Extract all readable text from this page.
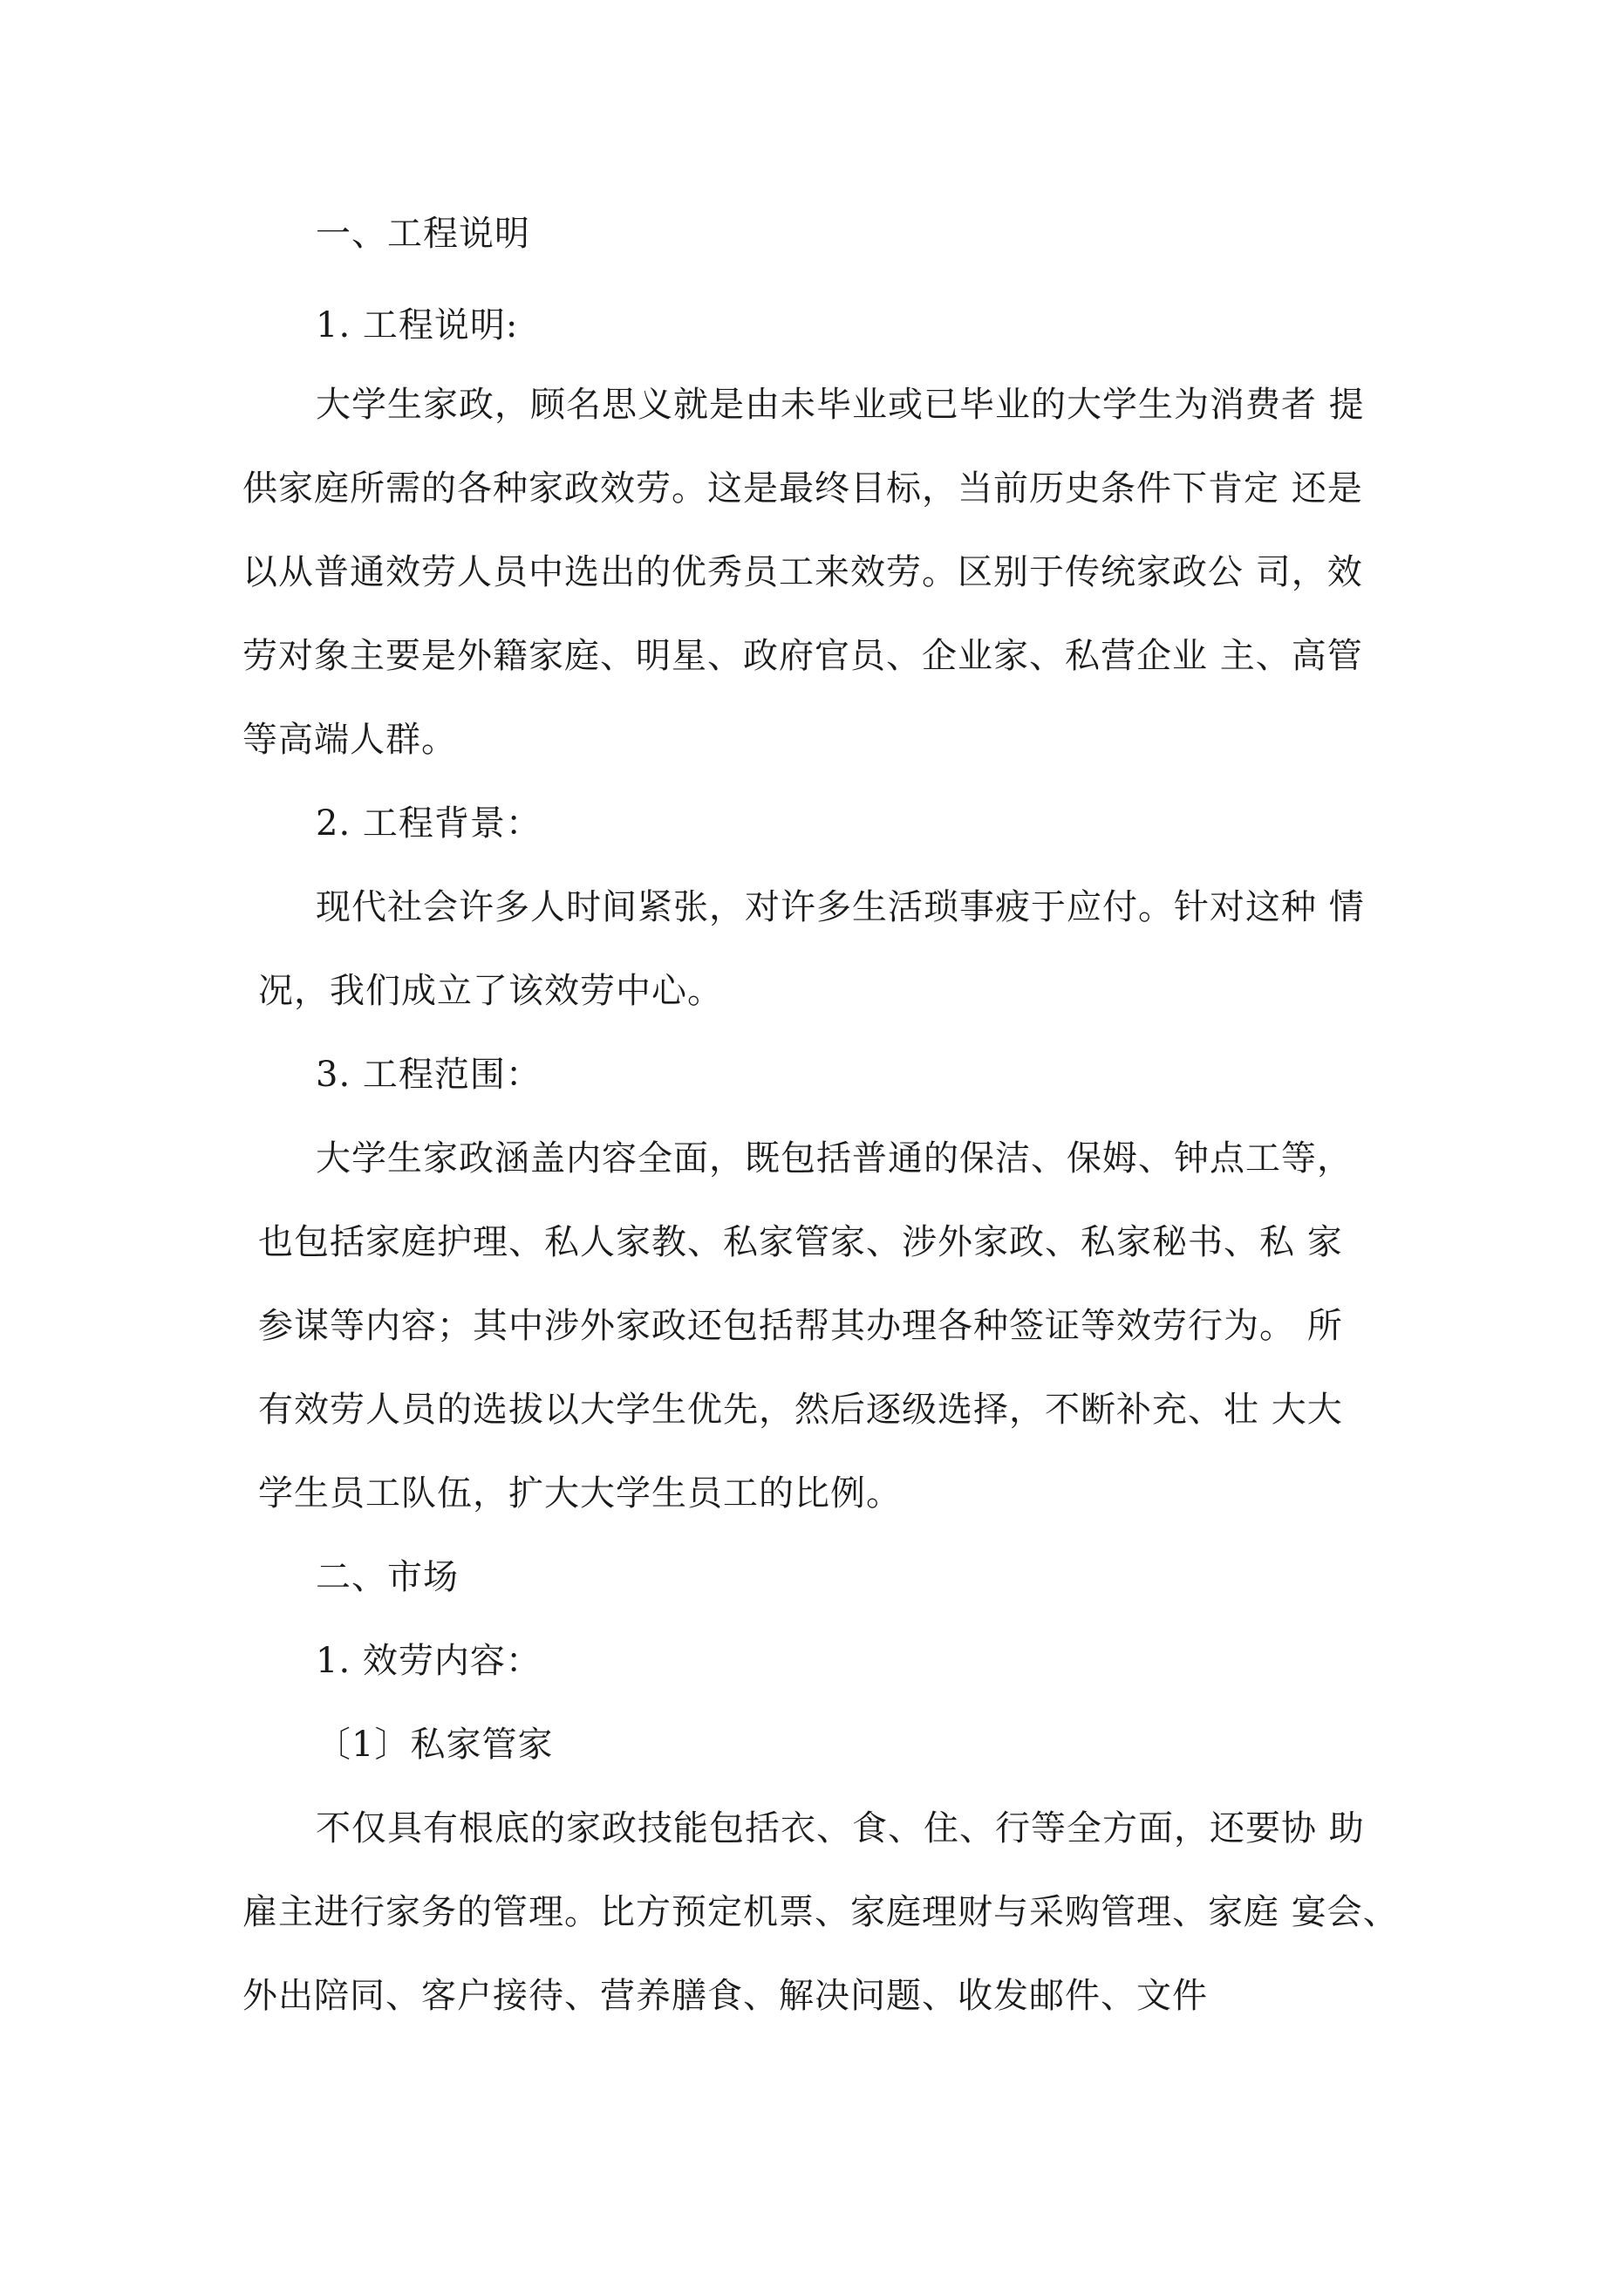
一、工程说明

1. 工程说明:

大学生家政，顾名思义就是由未毕业或已毕业的大学生为消费者 提

供家庭所需的各种家政效劳。这是最终目标，当前历史条件下肯定 还是

以从普通效劳人员中选出的优秀员工来效劳。区别于传统家政公 司，效

劳对象主要是外籍家庭、明星、政府官员、企业家、私营企业 主、高管

等高端人群。

2. 工程背景：

现代社会许多人时间紧张，对许多生活琐事疲于应付。针对这种 情

况，我们成立了该效劳中心。

3. 工程范围：

大学生家政涵盖内容全面，既包括普通的保洁、保姆、钟点工等，

也包括家庭护理、私人家教、私家管家、涉外家政、私家秘书、私 家

参谋等内容；其中涉外家政还包括帮其办理各种签证等效劳行为。 所

有效劳人员的选拔以大学生优先，然后逐级选择，不断补充、壮 大大

学生员工队伍，扩大大学生员工的比例。

二、市场

1. 效劳内容：

〔1〕私家管家

不仅具有根底的家政技能包括衣、食、住、行等全方面，还要协 助

雇主进行家务的管理。比方预定机票、家庭理财与采购管理、家庭 宴会、

外出陪同、客户接待、营养膳食、解决问题、收发邮件、文件
